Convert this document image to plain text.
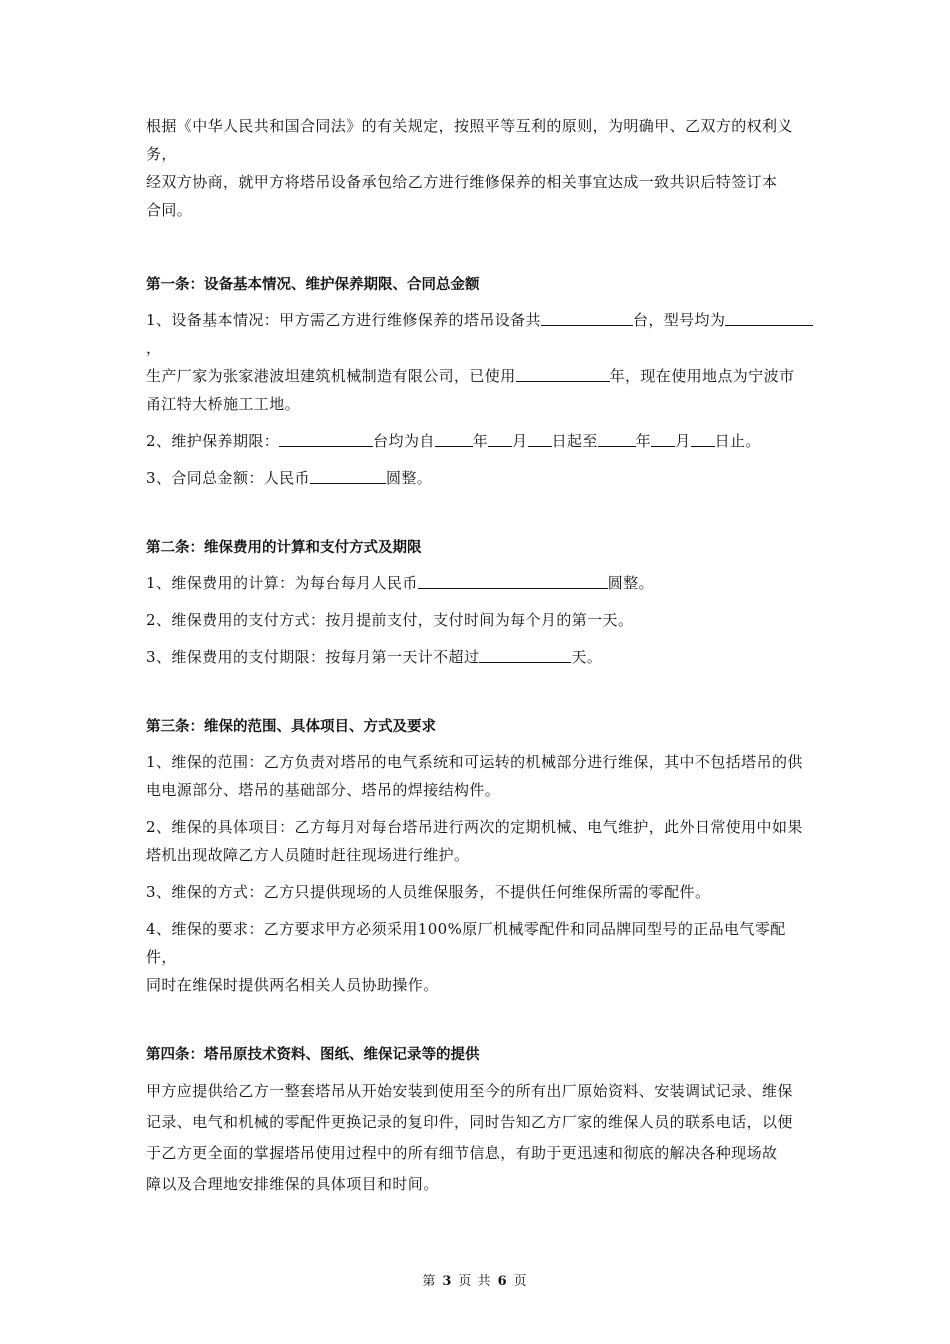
根据《中华人民共和国合同法》的有关规定，按照平等互利的原则，为明确甲、乙双方的权利义务，

经双方协商，就甲方将塔吊设备承包给乙方进行维修保养的相关事宜达成一致共识后特签订本

合同。

第一条：设备基本情况、维护保养期限、合同总金额

1、设备基本情况：甲方需乙方进行维修保养的塔吊设备共	台，型号均为，

生产厂家为张家港波坦建筑机械制造有限公司，已使用	年，现在使用地点为宁波市

甬江特大桥施工工地。

2、维护保养期限：	台均为自	年 月 日起至	年 月 日止。

3、合同总金额：人民币	圆整。

第二条：维保费用的计算和支付方式及期限

1、维保费用的计算：为每台每月人民币	圆整。

2、维保费用的支付方式：按月提前支付，支付时间为每个月的第一天。

3、维保费用的支付期限：按每月第一天计不超过	天。

第三条：维保的范围、具体项目、方式及要求

1、维保的范围：乙方负责对塔吊的电气系统和可运转的机械部分进行维保，其中不包括塔吊的供

电电源部分、塔吊的基础部分、塔吊的焊接结构件。

2、维保的具体项目：乙方每月对每台塔吊进行两次的定期机械、电气维护，此外日常使用中如果

塔机出现故障乙方人员随时赶往现场进行维护。

3、维保的方式：乙方只提供现场的人员维保服务，不提供任何维保所需的零配件。

4、维保的要求：乙方要求甲方必须采用100%原厂机械零配件和同品牌同型号的正品电气零配件，

同时在维保时提供两名相关人员协助操作。

第四条：塔吊原技术资料、图纸、维保记录等的提供

甲方应提供给乙方一整套塔吊从开始安装到使用至今的所有出厂原始资料、安装调试记录、维保

记录、电气和机械的零配件更换记录的复印件，同时告知乙方厂家的维保人员的联系电话，以便

于乙方更全面的掌握塔吊使用过程中的所有细节信息，有助于更迅速和彻底的解决各种现场故

障以及合理地安排维保的具体项目和时间。

第 3 页 共 6 页
